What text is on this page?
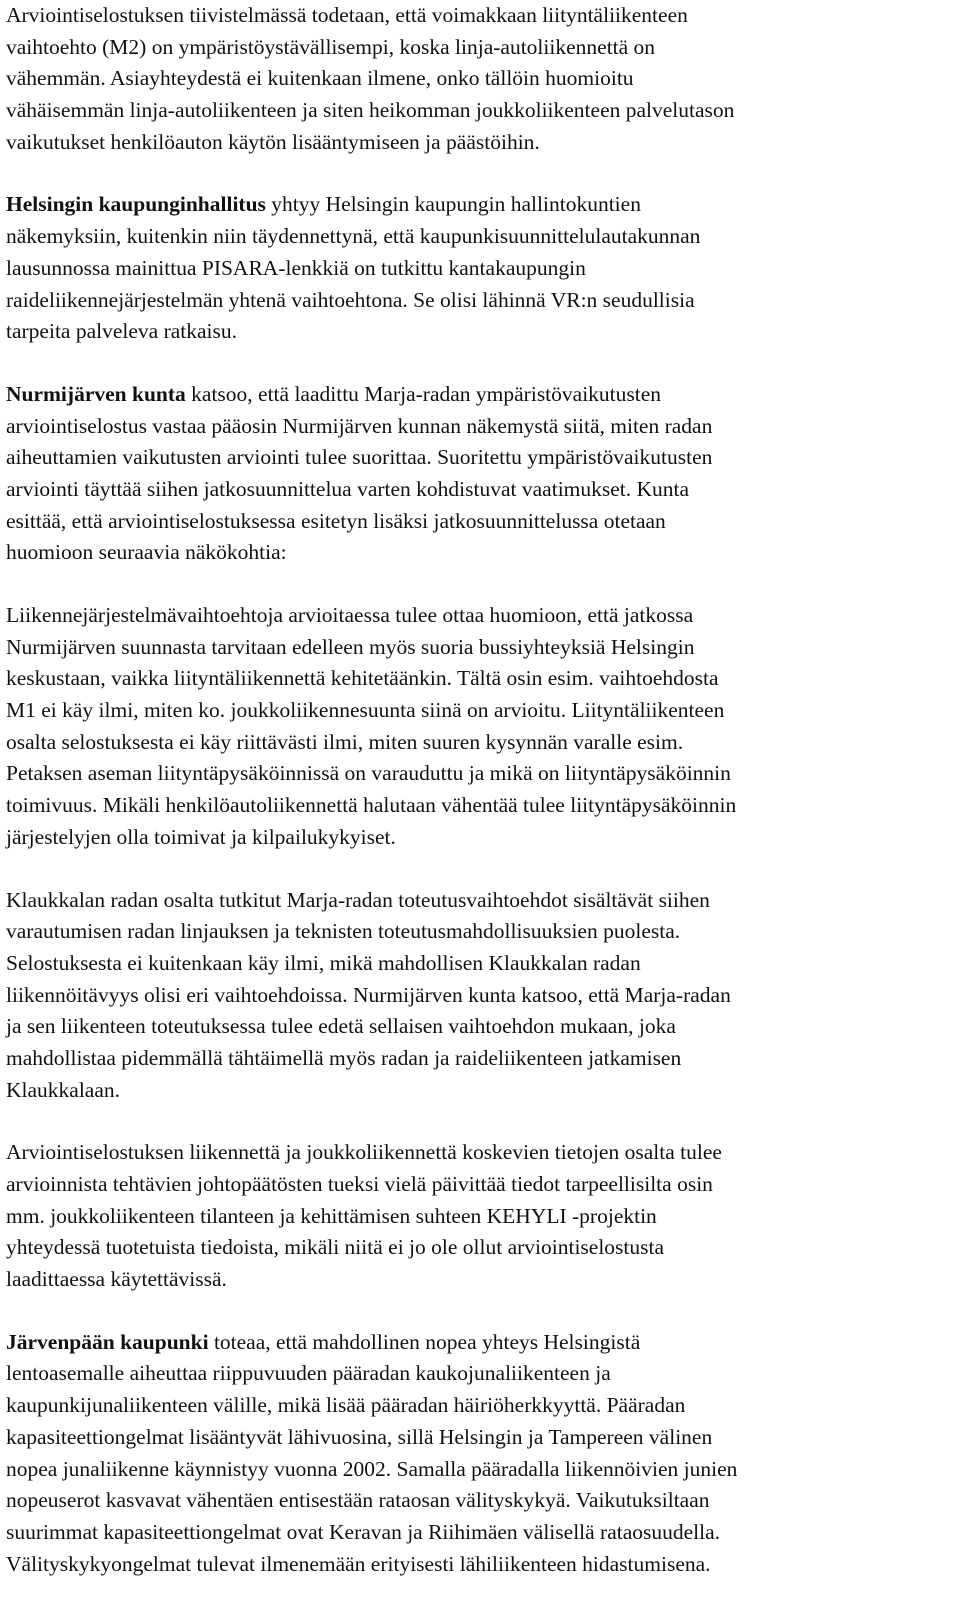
Arviointiselostuksen tiivistelmässä todetaan, että voimakkaan liityntäliikenteen
vaihtoehto (M2) on ympäristöystävällisempi, koska linja-autoliikennettä on
vähemmän. Asiayhteydestä ei kuitenkaan ilmene, onko tällöin huomioitu
vähäisemmän linja-autoliikenteen ja siten heikomman joukkoliikenteen palvelutason
vaikutukset henkilöauton käytön lisääntymiseen ja päästöihin.

Helsingin kaupunginhallitus yhtyy Helsingin kaupungin hallintokuntien
näkemyksiin, kuitenkin niin täydennettynä, että kaupunkisuunnittelulautakunnan
lausunnossa mainittua PISARA-lenkkiä on tutkittu kantakaupungin
raideliikennejärjestelmän yhtenä vaihtoehtona. Se olisi lähinnä VR:n seudullisia
tarpeita palveleva ratkaisu.

Nurmijärven kunta katsoo, että laadittu Marja-radan ympäristövaikutusten
arviointiselostus vastaa pääosin Nurmijärven kunnan näkemystä siitä, miten radan
aiheuttamien vaikutusten arviointi tulee suorittaa. Suoritettu ympäristövaikutusten
arviointi täyttää siihen jatkosuunnittelua varten kohdistuvat vaatimukset. Kunta
esittää, että arviointiselostuksessa esitetyn lisäksi jatkosuunnittelussa otetaan
huomioon seuraavia näkökohtia:

Liikennejärjestelmävaihtoehtoja arvioitaessa tulee ottaa huomioon, että jatkossa
Nurmijärven suunnasta tarvitaan edelleen myös suoria bussiyhteyksiä Helsingin
keskustaan, vaikka liityntäliikennettä kehitetäänkin. Tältä osin esim. vaihtoehdosta
M1 ei käy ilmi, miten ko. joukkoliikennesuunta siinä on arvioitu. Liityntäliikenteen
osalta selostuksesta ei käy riittävästi ilmi, miten suuren kysynnän varalle esim.
Petaksen aseman liityntäpysäköinnissä on varauduttu ja mikä on liityntäpysäköinnin
toimivuus. Mikäli henkilöautoliikennettä halutaan vähentää tulee liityntäpysäköinnin
järjestelyjen olla toimivat ja kilpailukykyiset.

Klaukkalan radan osalta tutkitut Marja-radan toteutusvaihtoehdot sisältävät siihen
varautumisen radan linjauksen ja teknisten toteutusmahdollisuuksien puolesta.
Selostuksesta ei kuitenkaan käy ilmi, mikä mahdollisen Klaukkalan radan
liikennöitävyys olisi eri vaihtoehdoissa. Nurmijärven kunta katsoo, että Marja-radan
ja sen liikenteen toteutuksessa tulee edetä sellaisen vaihtoehdon mukaan, joka
mahdollistaa pidemmällä tähtäimellä myös radan ja raideliikenteen jatkamisen
Klaukkalaan.

Arviointiselostuksen liikennettä ja joukkoliikennettä koskevien tietojen osalta tulee
arvioinnista tehtävien johtopäätösten tueksi vielä päivittää tiedot tarpeellisilta osin
mm. joukkoliikenteen tilanteen ja kehittämisen suhteen KEHYLI -projektin
yhteydessä tuotetuista tiedoista, mikäli niitä ei jo ole ollut arviointiselostusta
laadittaessa käytettävissä.

Järvenpään kaupunki toteaa, että mahdollinen nopea yhteys Helsingistä
lentoasemalle aiheuttaa riippuvuuden pääradan kaukojunaliikenteen ja
kaupunkijunaliikenteen välille, mikä lisää pääradan häiriöherkkyyttä. Pääradan
kapasiteettiongelmat lisääntyvät lähivuosina, sillä Helsingin ja Tampereen välinen
nopea junaliikenne käynnistyy vuonna 2002. Samalla pääradalla liikennöivien junien
nopeuserot kasvavat vähentäen entisestään rataosan välityskykyä. Vaikutuksiltaan
suurimmat kapasiteettiongelmat ovat Keravan ja Riihimäen välisellä rataosuudella.
Välityskykyongelmat tulevat ilmenemään erityisesti lähiliikenteen hidastumisena.
